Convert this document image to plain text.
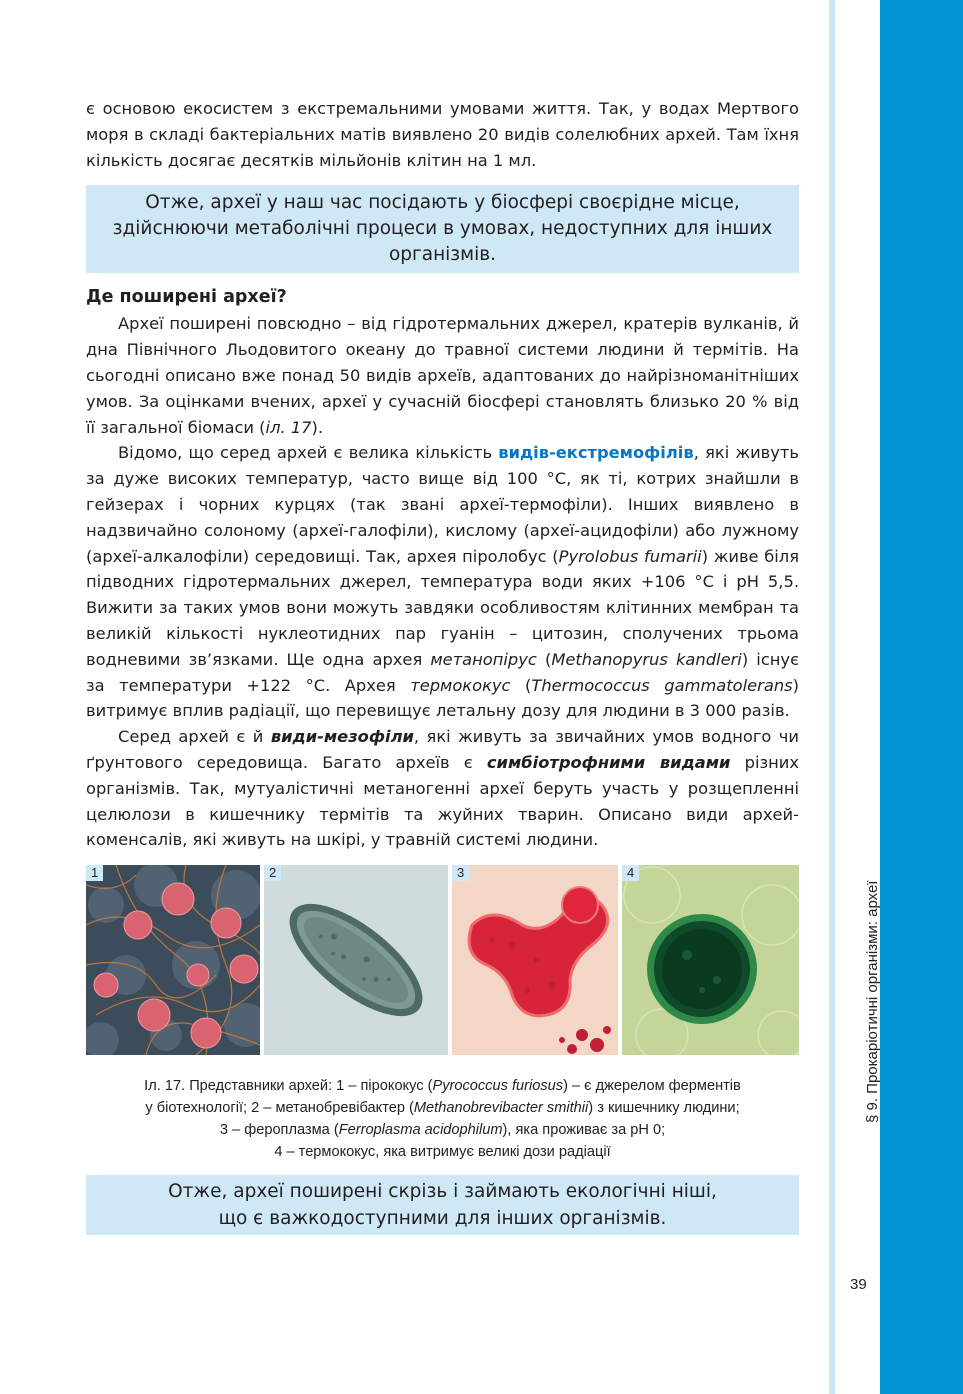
§ 9. Прокаріотичні організми: археї
39

є основою екосистем з екстремальними умовами життя. Так, у водах Мертвого моря в складі бактеріальних матів виявлено 20 видів солелюбних архей. Там їхня кількість досягає десятків мільйонів клітин на 1 мл.

Отже, археї у наш час посідають у біосфері своєрідне місце, здійснюючи метаболічні процеси в умовах, недоступних для інших організмів.
Де поширені археї?

Археї поширені повсюдно – від гідротермальних джерел, кратерів вулканів, й дна Північного Льодовитого океану до травної системи людини й термітів. На сьогодні описано вже понад 50 видів археїв, адаптованих до найрізноманітніших умов. За оцінками вчених, археї у сучасній біосфері становлять близько 20 % від її загальної біомаси (іл. 17).

Відомо, що серед архей є велика кількість видів-екстремофілів, які живуть за дуже високих температур, часто вище від 100 °С, як ті, котрих знайшли в гейзерах і чорних курцях (так звані археї-термофіли). Інших виявлено в надзвичайно солоному (археї-галофіли), кислому (археї-ацидофіли) або лужному (археї-алкалофіли) середовищі. Так, архея піролобус (Pyrolobus fumarii) живе біля підводних гідротермальних джерел, температура води яких +106 °С і рН 5,5. Вижити за таких умов вони можуть завдяки особливостям клітинних мембран та великій кількості нуклеотидних пар гуанін – цитозин, сполучених трьома водневими зв’язками. Ще одна архея метанопірус (Methanopyrus kandleri) існує за температури +122 °С. Архея термококус (Thermococcus gammatolerans) витримує вплив радіації, що перевищує летальну дозу для людини в 3 000 разів.

Серед архей є й види-мезофіли, які живуть за звичайних умов водного чи ґрунтового середовища. Багато археїв є симбіотрофними видами різних організмів. Так, мутуалістичні метаногенні археї беруть участь у розщепленні целюлози в кишечнику термітів та жуйних тварин. Описано види архей-коменсалів, які живуть на шкірі, у травній системі людини.

1	2	3	4
Іл. 17. Представники архей: 1 – пірококус (Pyrococcus furiosus) – є джерелом ферментів
у біотехнології; 2 – метанобревібактер (Methanobrevibacter smithii) з кишечнику людини;
3 – фероплазма (Ferroplasma acidophilum), яка проживає за рН 0;
4 – термококус, яка витримує великі дози радіації
Отже, археї поширені скрізь і займають екологічні ніші,
що є важкодоступними для інших організмів.
